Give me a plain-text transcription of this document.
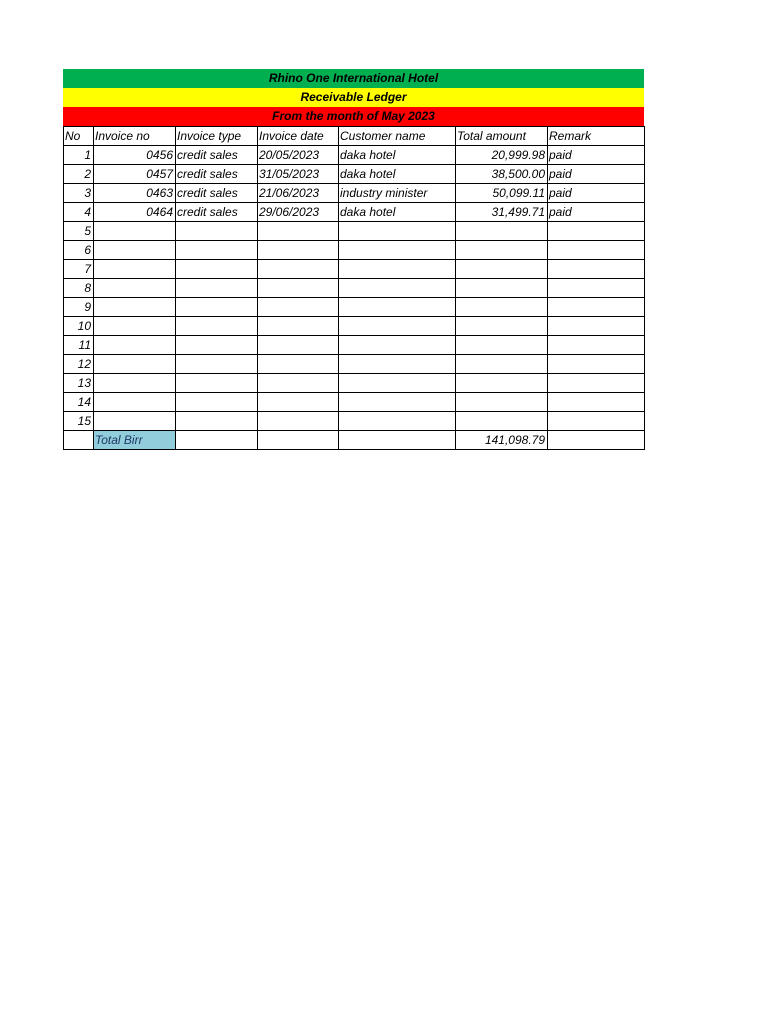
Rhino One International Hotel
Receivable Ledger
From the month of May 2023
No	Invoice no	Invoice type	Invoice date	Customer name	Total amount	Remark
1	0456	credit sales	20/05/2023	daka hotel	20,999.98	paid
2	0457	credit sales	31/05/2023	daka hotel	38,500.00	paid
3	0463	credit sales	21/06/2023	industry minister	50,099.11	paid
4	0464	credit sales	29/06/2023	daka hotel	31,499.71	paid
5						
6						
7						
8						
9						
10						
11						
12						
13						
14						
15						
	Total Birr				141,098.79	
